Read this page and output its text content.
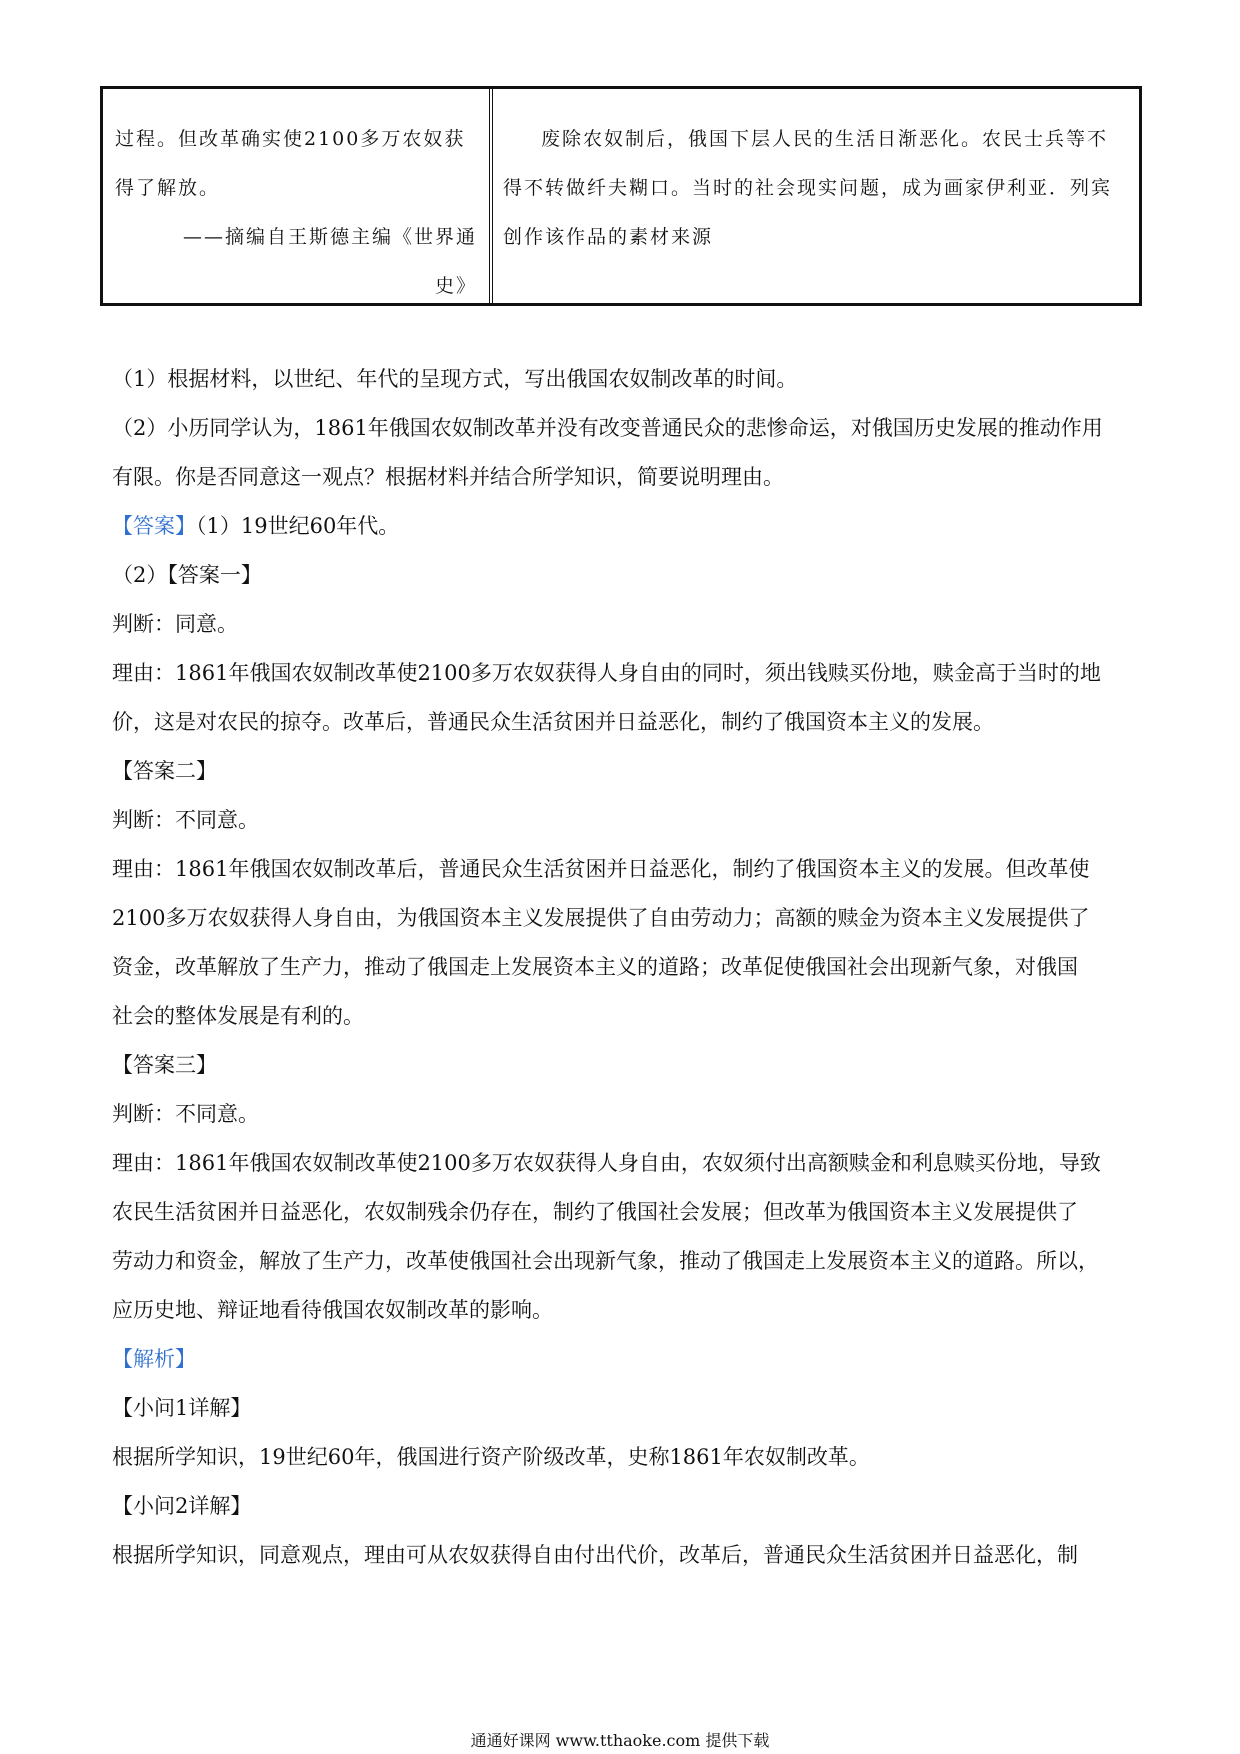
过程。但改革确实使2100多万农奴获
得了解放。
——摘编自王斯德主编《世界通
史》
废除农奴制后，俄国下层人民的生活日渐恶化。农民士兵等不
得不转做纤夫糊口。当时的社会现实问题，成为画家伊利亚．列宾
创作该作品的素材来源

（1）根据材料，以世纪、年代的呈现方式，写出俄国农奴制改革的时间。

（2）小历同学认为，1861年俄国农奴制改革并没有改变普通民众的悲惨命运，对俄国历史发展的推动作用

有限。你是否同意这一观点？根据材料并结合所学知识，简要说明理由。

【答案】（1）19世纪60年代。

（2）【答案一】

判断：同意。

理由：1861年俄国农奴制改革使2100多万农奴获得人身自由的同时，须出钱赎买份地，赎金高于当时的地

价，这是对农民的掠夺。改革后，普通民众生活贫困并日益恶化，制约了俄国资本主义的发展。

【答案二】

判断：不同意。

理由：1861年俄国农奴制改革后，普通民众生活贫困并日益恶化，制约了俄国资本主义的发展。但改革使

2100多万农奴获得人身自由，为俄国资本主义发展提供了自由劳动力；高额的赎金为资本主义发展提供了

资金，改革解放了生产力，推动了俄国走上发展资本主义的道路；改革促使俄国社会出现新气象，对俄国

社会的整体发展是有利的。

【答案三】

判断：不同意。

理由：1861年俄国农奴制改革使2100多万农奴获得人身自由，农奴须付出高额赎金和利息赎买份地，导致

农民生活贫困并日益恶化，农奴制残余仍存在，制约了俄国社会发展；但改革为俄国资本主义发展提供了

劳动力和资金，解放了生产力，改革使俄国社会出现新气象，推动了俄国走上发展资本主义的道路。所以，

应历史地、辩证地看待俄国农奴制改革的影响。

【解析】

【小问1详解】

根据所学知识，19世纪60年，俄国进行资产阶级改革，史称1861年农奴制改革。

【小问2详解】

根据所学知识，同意观点，理由可从农奴获得自由付出代价，改革后，普通民众生活贫困并日益恶化，制

通通好课网 www.tthaoke.com 提供下载
